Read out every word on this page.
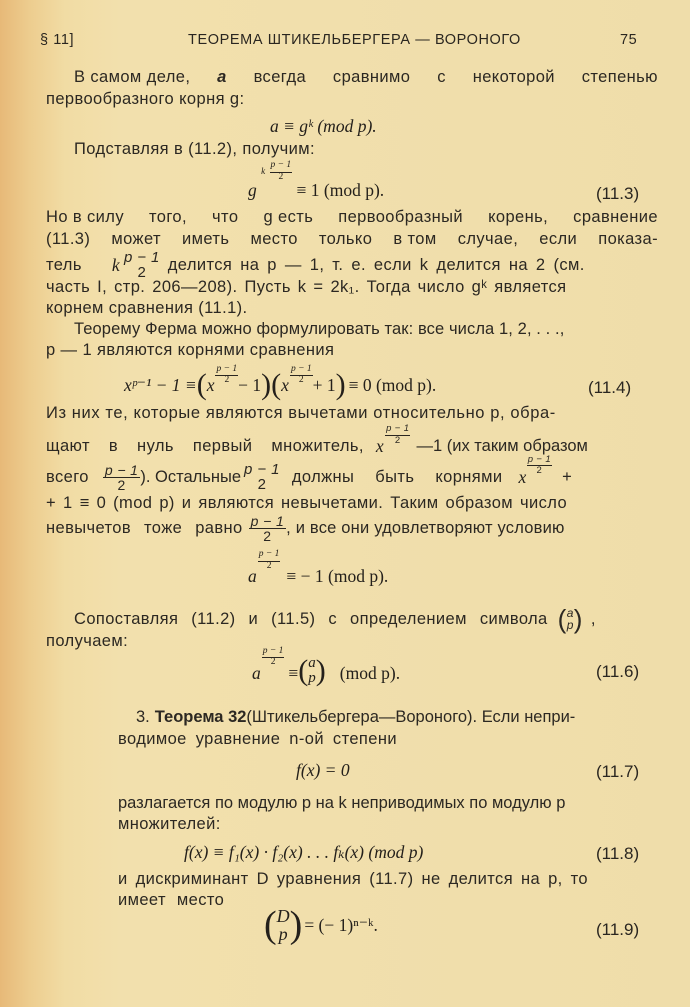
§ 11]	ТЕОРЕМА ШТИКЕЛЬБЕРГЕРА — ВОРОНОГО	75
В самом деле, a всегда сравнимо с некоторой степенью
первообразного корня g:
a ≡ gᵏ (mod p).
Подставляя в (11.2), получим:
g $^k \frac{p - 1}{2}$
≡ 1 (mod p).	(11.3)
Но в силу того, что g есть первообразный корень, сравнение
(11.3) может иметь место только в том случае, если показа-
тель k p − 1
2 делится на p — 1, т. е. если k делится на 2 (см.
часть I, стр. 206—208). Пусть k = 2k₁. Тогда число gᵏ является
корнем сравнения (11.1).
Теорему Ферма можно формулировать так: все числа 1, 2, . . .,
p — 1 являются корнями сравнения
xᵖ⁻¹ − 1 ≡ ( x $\frac{p - 1}{2} - 1$ ) ( x $\frac{p - 1}{2} + 1$ ) ≡ 0 (mod p).	(11.4)
Из них те, которые являются вычетами относительно p, обра-
щают в нуль первый множитель, x
$\frac{p - 1}{2}$
—1 (их таким образом
всего $\frac{p - 1}{2}$ ). Остальные p − 1
2 должны быть корнями x
$\frac{p - 1}{2}$
+
+ 1 ≡ 0 (mod p) и являются невычетами. Таким образом число
невычетов тоже равно $\frac{p - 1}{2}$ , и все они удовлетворяют условию
a
$\frac{p - 1}{2}$
≡ − 1 (mod p).
Сопоставляя (11.2) и (11.5) с определением символа ( a
p ) ,
получаем:
a
$\frac{p - 1}{2}$
≡ ( a
p ) (mod p).	(11.6)
3. Теорема 32 (Штикельбергера—Вороного). Если непри-
водимое уравнение n-ой степени
f(x) = 0	(11.7)
разлагается по модулю p на k неприводимых по модулю p
множителей:
f(x) ≡ f₁(x) · f₂(x) . . . fₖ(x) (mod p)	(11.8)
и дискриминант D уравнения (11.7) не делится на p, то
имеет место
( D
p ) = (− 1)ⁿ⁻ᵏ.	(11.9)
